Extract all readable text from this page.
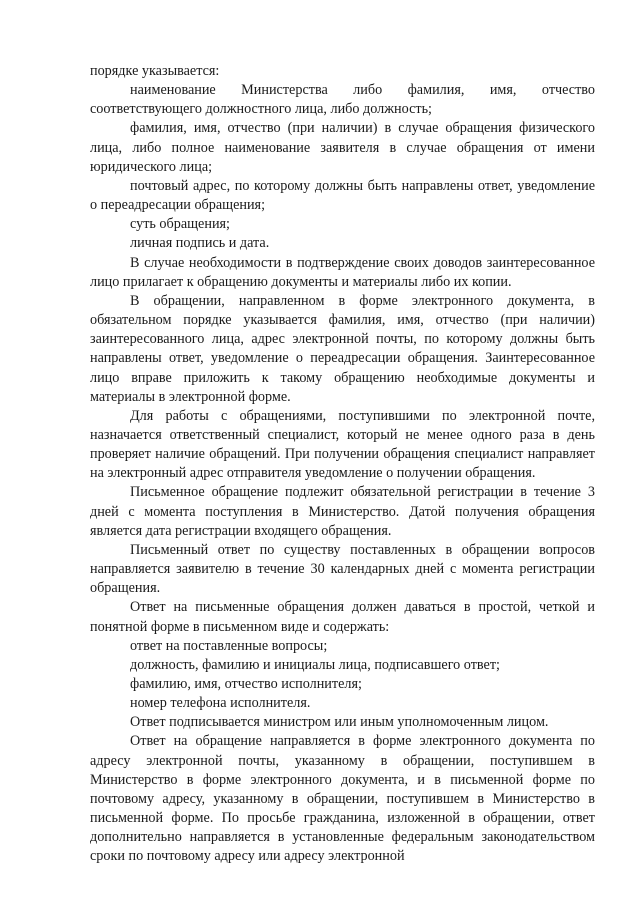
порядке указывается:

наименование Министерства либо фамилия, имя, отчество соответствующего должностного лица, либо должность;

фамилия, имя, отчество (при наличии) в случае обращения физического лица, либо полное наименование заявителя в случае обращения от имени юридического лица;

почтовый адрес, по которому должны быть направлены ответ, уведомление о переадресации обращения;

суть обращения;

личная подпись и дата.

В случае необходимости в подтверждение своих доводов заинтересованное лицо прилагает к обращению документы и материалы либо их копии.

В обращении, направленном в форме электронного документа, в обязательном порядке указывается фамилия, имя, отчество (при наличии) заинтересованного лица, адрес электронной почты, по которому должны быть направлены ответ, уведомление о переадресации обращения. Заинтересованное лицо вправе приложить к такому обращению необходимые документы и материалы в электронной форме.

Для работы с обращениями, поступившими по электронной почте, назначается ответственный специалист, который не менее одного раза в день проверяет наличие обращений. При получении обращения специалист направляет на электронный адрес отправителя уведомление о получении обращения.

Письменное обращение подлежит обязательной регистрации в течение 3 дней с момента поступления в Министерство. Датой получения обращения является дата регистрации входящего обращения.

Письменный ответ по существу поставленных в обращении вопросов направляется заявителю в течение 30 календарных дней с момента регистрации обращения.

Ответ на письменные обращения должен даваться в простой, четкой и понятной форме в письменном виде и содержать:

ответ на поставленные вопросы;

должность, фамилию и инициалы лица, подписавшего ответ;

фамилию, имя, отчество исполнителя;

номер телефона исполнителя.

Ответ подписывается министром или иным уполномоченным лицом.

Ответ на обращение направляется в форме электронного документа по адресу электронной почты, указанному в обращении, поступившем в Министерство в форме электронного документа, и в письменной форме по почтовому адресу, указанному в обращении, поступившем в Министерство в письменной форме. По просьбе гражданина, изложенной в обращении, ответ дополнительно направляется в установленные федеральным законодательством сроки по почтовому адресу или адресу электронной
